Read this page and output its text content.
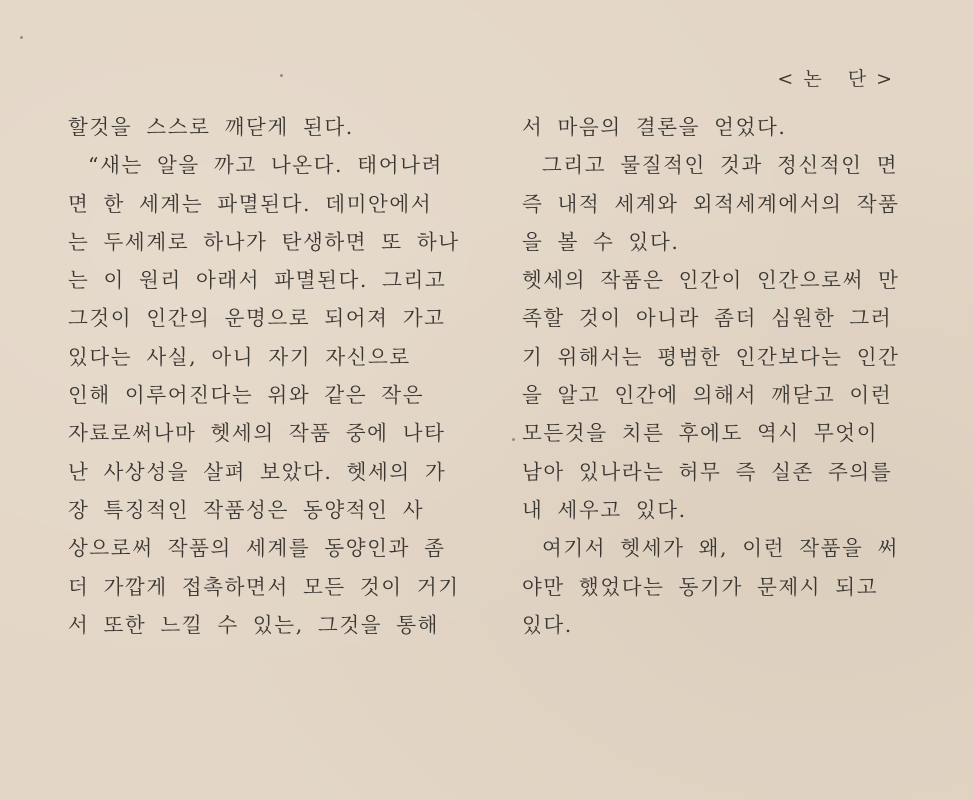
<논 단>
할것을 스스로 깨닫게 된다.
“새는 알을 까고 나온다. 태어나려
면 한 세계는 파멸된다. 데미안에서
는 두세계로 하나가 탄생하면 또 하나
는 이 원리 아래서 파멸된다. 그리고
그것이 인간의 운명으로 되어져 가고
있다는 사실, 아니 자기 자신으로
인해 이루어진다는 위와 같은 작은
자료로써나마 헷세의 작품 중에 나타
난 사상성을 살펴 보았다. 헷세의 가
장 특징적인 작품성은 동양적인 사
상으로써 작품의 세계를 동양인과 좀
더 가깝게 접촉하면서 모든 것이 거기
서 또한 느낄 수 있는, 그것을 통해
서 마음의 결론을 얻었다.
그리고 물질적인 것과 정신적인 면
즉 내적 세계와 외적세계에서의 작품
을 볼 수 있다.
헷세의 작품은 인간이 인간으로써 만
족할 것이 아니라 좀더 심원한 그러
기 위해서는 평범한 인간보다는 인간
을 알고 인간에 의해서 깨닫고 이런
모든것을 치른 후에도 역시 무엇이
남아 있나라는 허무 즉 실존 주의를
내 세우고 있다.
여기서 헷세가 왜, 이런 작품을 써
야만 했었다는 동기가 문제시 되고
있다.
